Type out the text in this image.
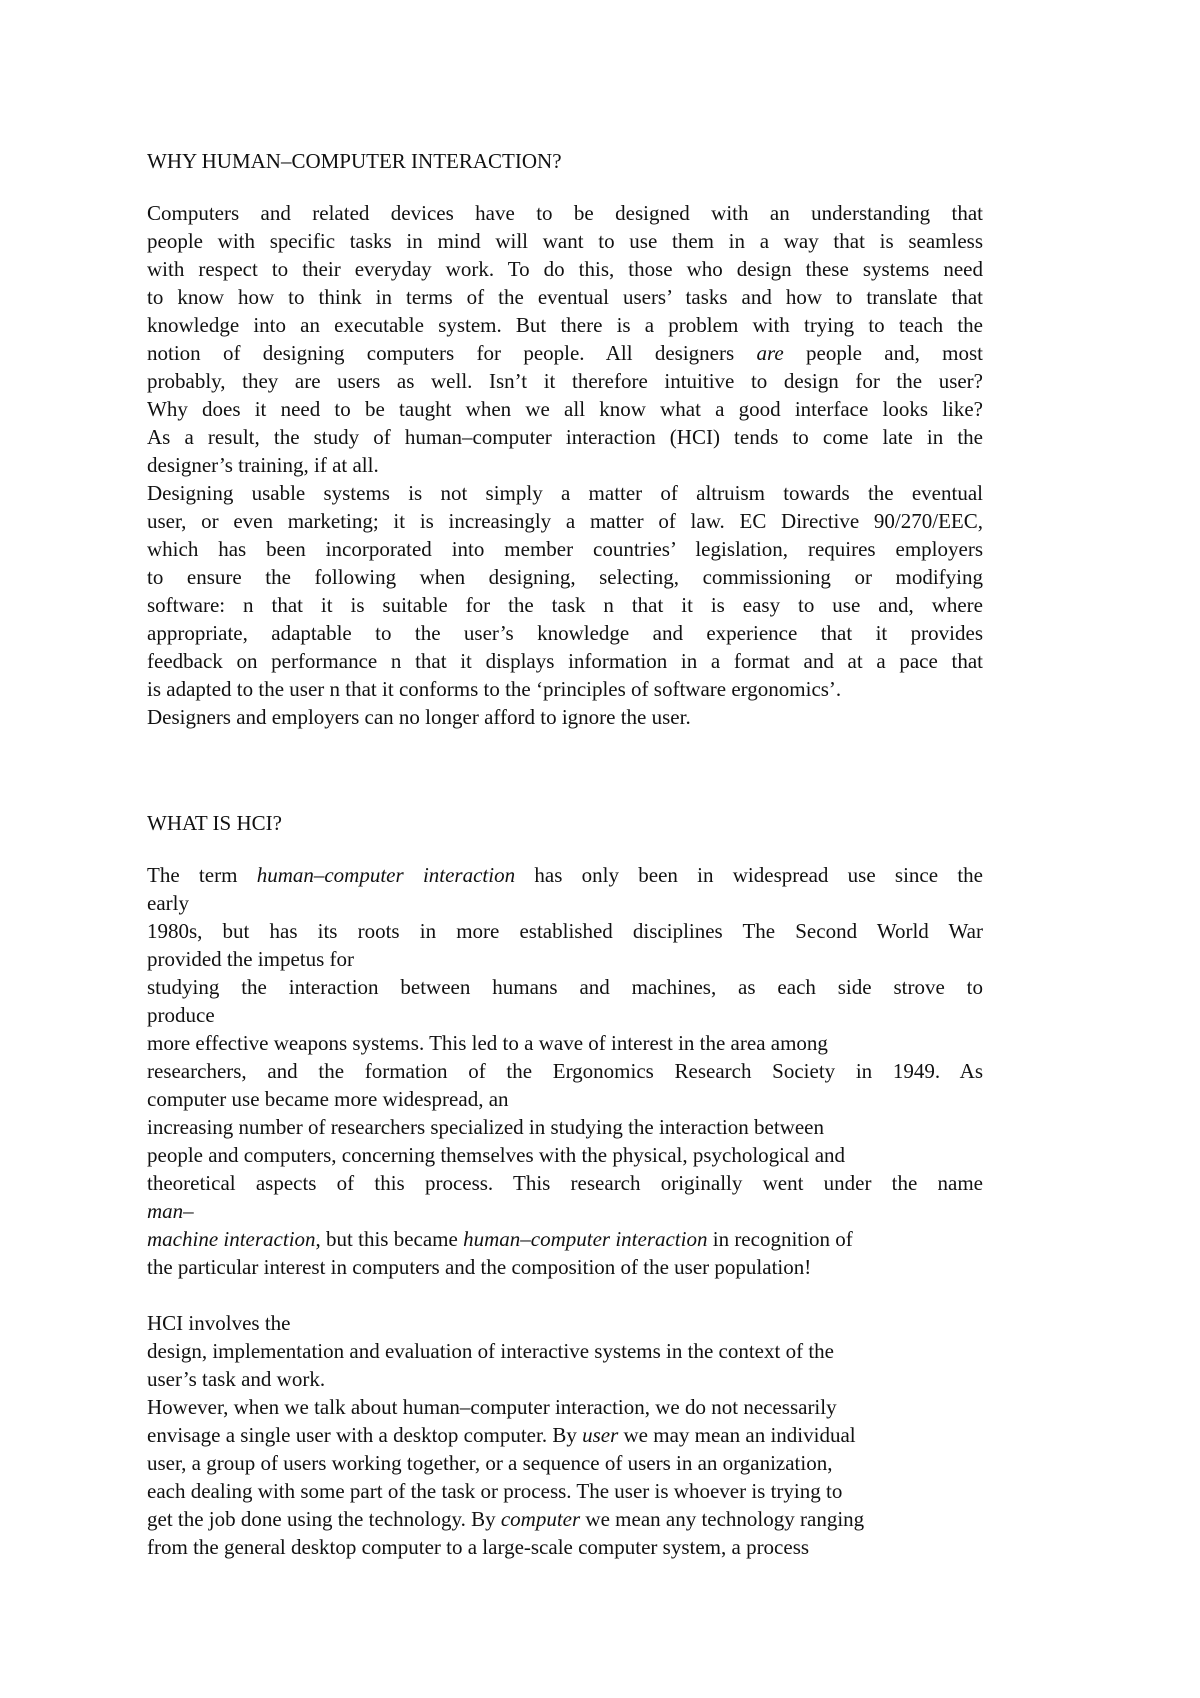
WHY HUMAN–COMPUTER INTERACTION?
Computers and related devices have to be designed with an understanding that
people with specific tasks in mind will want to use them in a way that is seamless
with respect to their everyday work. To do this, those who design these systems need
to know how to think in terms of the eventual users’ tasks and how to translate that
knowledge into an executable system. But there is a problem with trying to teach the
notion of designing computers for people. All designers are people and, most
probably, they are users as well. Isn’t it therefore intuitive to design for the user?
Why does it need to be taught when we all know what a good interface looks like?
As a result, the study of human–computer interaction (HCI) tends to come late in the
designer’s training, if at all.
Designing usable systems is not simply a matter of altruism towards the eventual
user, or even marketing; it is increasingly a matter of law. EC Directive 90/270/EEC,
which has been incorporated into member countries’ legislation, requires employers
to ensure the following when designing, selecting, commissioning or modifying
software: n that it is suitable for the task n that it is easy to use and, where
appropriate, adaptable to the user’s knowledge and experience that it provides
feedback on performance n that it displays information in a format and at a pace that
is adapted to the user n that it conforms to the ‘principles of software ergonomics’.
Designers and employers can no longer afford to ignore the user.
WHAT IS HCI?
The term human–computer interaction has only been in widespread use since the
early
1980s, but has its roots in more established disciplines The Second World War
provided the impetus for
studying the interaction between humans and machines, as each side strove to
produce
more effective weapons systems. This led to a wave of interest in the area among
researchers, and the formation of the Ergonomics Research Society in 1949. As
computer use became more widespread, an
increasing number of researchers specialized in studying the interaction between
people and computers, concerning themselves with the physical, psychological and
theoretical aspects of this process. This research originally went under the name
man–
machine interaction, but this became human–computer interaction in recognition of
the particular interest in computers and the composition of the user population!
HCI involves the
design, implementation and evaluation of interactive systems in the context of the
user’s task and work.
However, when we talk about human–computer interaction, we do not necessarily
envisage a single user with a desktop computer. By user we may mean an individual
user, a group of users working together, or a sequence of users in an organization,
each dealing with some part of the task or process. The user is whoever is trying to
get the job done using the technology. By computer we mean any technology ranging
from the general desktop computer to a large-scale computer system, a process
